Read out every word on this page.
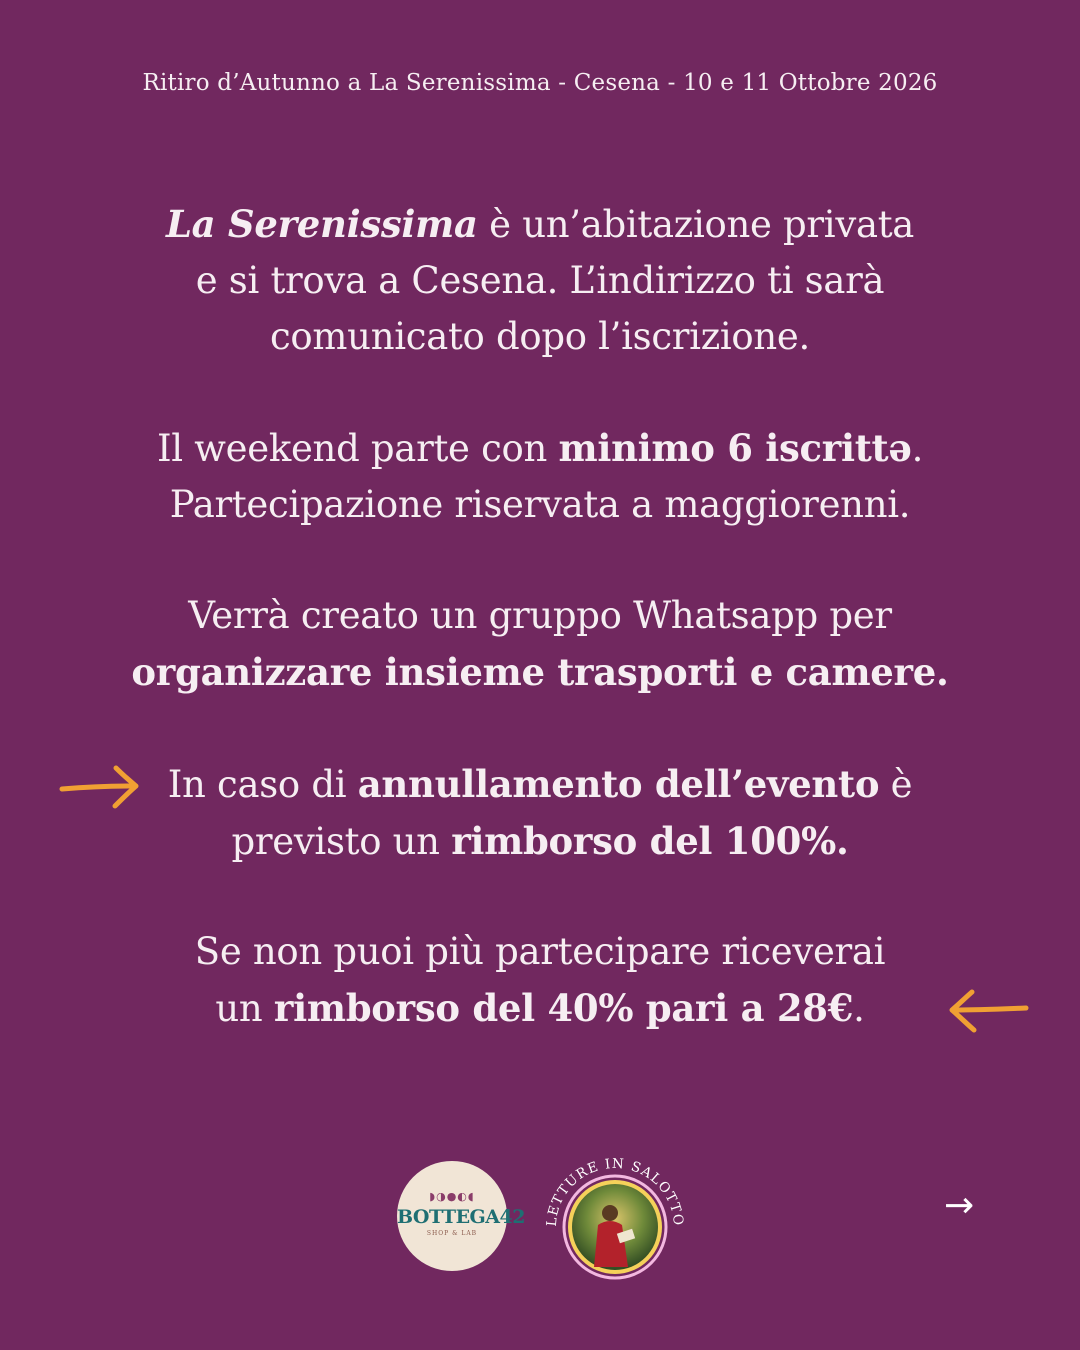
Ritiro d’Autunno a La Serenissima - Cesena - 10 e 11 Ottobre 2026
La Serenissima è un’abitazione privata
e si trova a Cesena. L’indirizzo ti sarà
comunicato dopo l’iscrizione.
Il weekend parte con minimo 6 iscrittə.
Partecipazione riservata a maggiorenni.
Verrà creato un gruppo Whatsapp per
organizzare insieme trasporti e camere.
In caso di annullamento dell’evento è
previsto un rimborso del 100%.
Se non puoi più partecipare riceverai
un rimborso del 40% pari a 28€.
◗◑●◐◖
BOTTEGA42
SHOP & LAB
LETTURE IN SALOTTO	→
